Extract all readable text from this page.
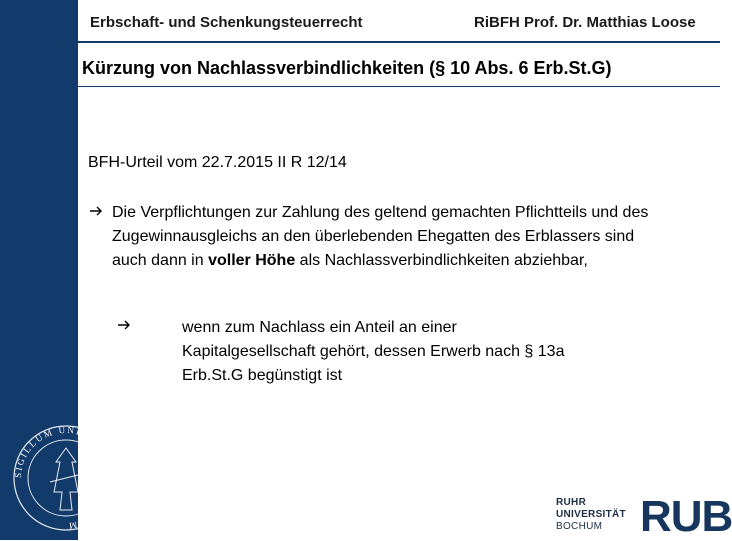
Erbschaft- und Schenkungsteuerrecht	RiBFH Prof. Dr. Matthias Loose
Kürzung von Nachlassverbindlichkeiten (§ 10 Abs. 6 Erb.St.G)
BFH-Urteil vom 22.7.2015 II R 12/14
Die Verpflichtungen zur Zahlung des geltend gemachten Pflichtteils und des Zugewinnausgleichs an den überlebenden Ehegatten des Erblassers sind auch dann in voller Höhe als Nachlassverbindlichkeiten abziehbar,
wenn zum Nachlass ein Anteil an einer Kapitalgesellschaft gehört, dessen Erwerb nach § 13a Erb.St.G begünstigt ist
SIGILLUM UNIVERSITATIS BOCHUM
RUHR
UNIVERSITÄT
BOCHUM RUB
